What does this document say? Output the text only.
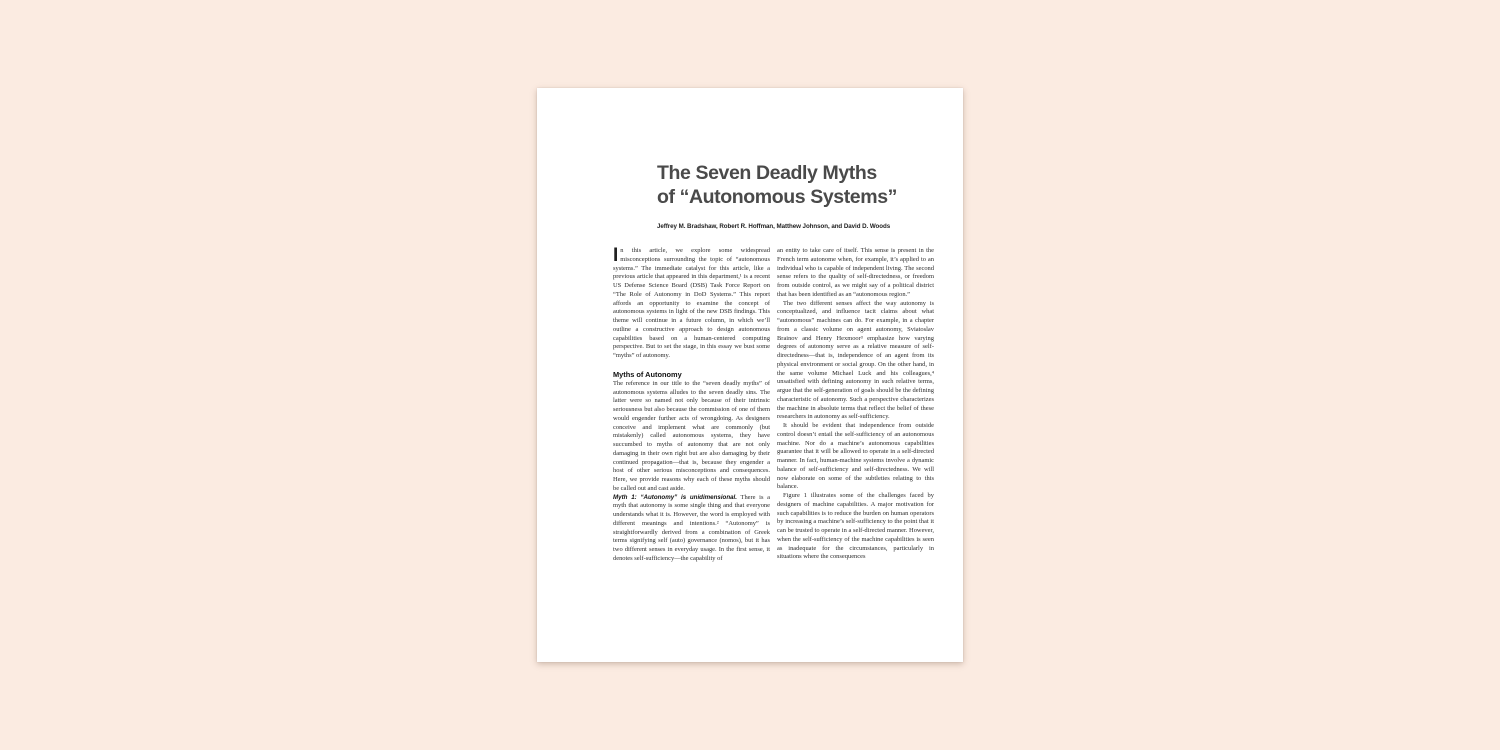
The Seven Deadly Myths
of “Autonomous Systems”
Jeffrey M. Bradshaw, Robert R. Hoffman, Matthew Johnson, and David D. Woods

In this article, we explore some widespread misconceptions surrounding the topic of “autonomous systems.” The immediate catalyst for this article, like a previous article that appeared in this department,¹ is a recent US Defense Science Board (DSB) Task Force Report on “The Role of Autonomy in DoD Systems.” This report affords an opportunity to examine the concept of autonomous systems in light of the new DSB findings. This theme will continue in a future column, in which we’ll outline a constructive approach to design autonomous capabilities based on a human-centered computing perspective. But to set the stage, in this essay we bust some “myths” of autonomy.

Myths of Autonomy

The reference in our title to the “seven deadly myths” of autonomous systems alludes to the seven deadly sins. The latter were so named not only because of their intrinsic seriousness but also because the commission of one of them would engender further acts of wrongdoing. As designers conceive and implement what are commonly (but mistakenly) called autonomous systems, they have succumbed to myths of autonomy that are not only damaging in their own right but are also damaging by their continued propagation—that is, because they engender a host of other serious misconceptions and consequences. Here, we provide reasons why each of these myths should be called out and cast aside.

Myth 1: “Autonomy” is unidimensional. There is a myth that autonomy is some single thing and that everyone understands what it is. However, the word is employed with different meanings and intentions.² “Autonomy” is straightforwardly derived from a combination of Greek terms signifying self (auto) governance (nomos), but it has two different senses in everyday usage. In the first sense, it denotes self-sufficiency—the capability of

an entity to take care of itself. This sense is present in the French term autonome when, for example, it’s applied to an individual who is capable of independent living. The second sense refers to the quality of self-directedness, or freedom from outside control, as we might say of a political district that has been identified as an “autonomous region.”

The two different senses affect the way autonomy is conceptualized, and influence tacit claims about what “autonomous” machines can do. For example, in a chapter from a classic volume on agent autonomy, Sviatoslav Brainov and Henry Hexmoor³ emphasize how varying degrees of autonomy serve as a relative measure of self-directedness—that is, independence of an agent from its physical environment or social group. On the other hand, in the same volume Michael Luck and his colleagues,⁴ unsatisfied with defining autonomy in such relative terms, argue that the self-generation of goals should be the defining characteristic of autonomy. Such a perspective characterizes the machine in absolute terms that reflect the belief of these researchers in autonomy as self-sufficiency.

It should be evident that independence from outside control doesn’t entail the self-sufficiency of an autonomous machine. Nor do a machine’s autonomous capabilities guarantee that it will be allowed to operate in a self-directed manner. In fact, human-machine systems involve a dynamic balance of self-sufficiency and self-directedness. We will now elaborate on some of the subtleties relating to this balance.

Figure 1 illustrates some of the challenges faced by designers of machine capabilities. A major motivation for such capabilities is to reduce the burden on human operators by increasing a machine’s self-sufficiency to the point that it can be trusted to operate in a self-directed manner. However, when the self-sufficiency of the machine capabilities is seen as inadequate for the circumstances, particularly in situations where the consequences
